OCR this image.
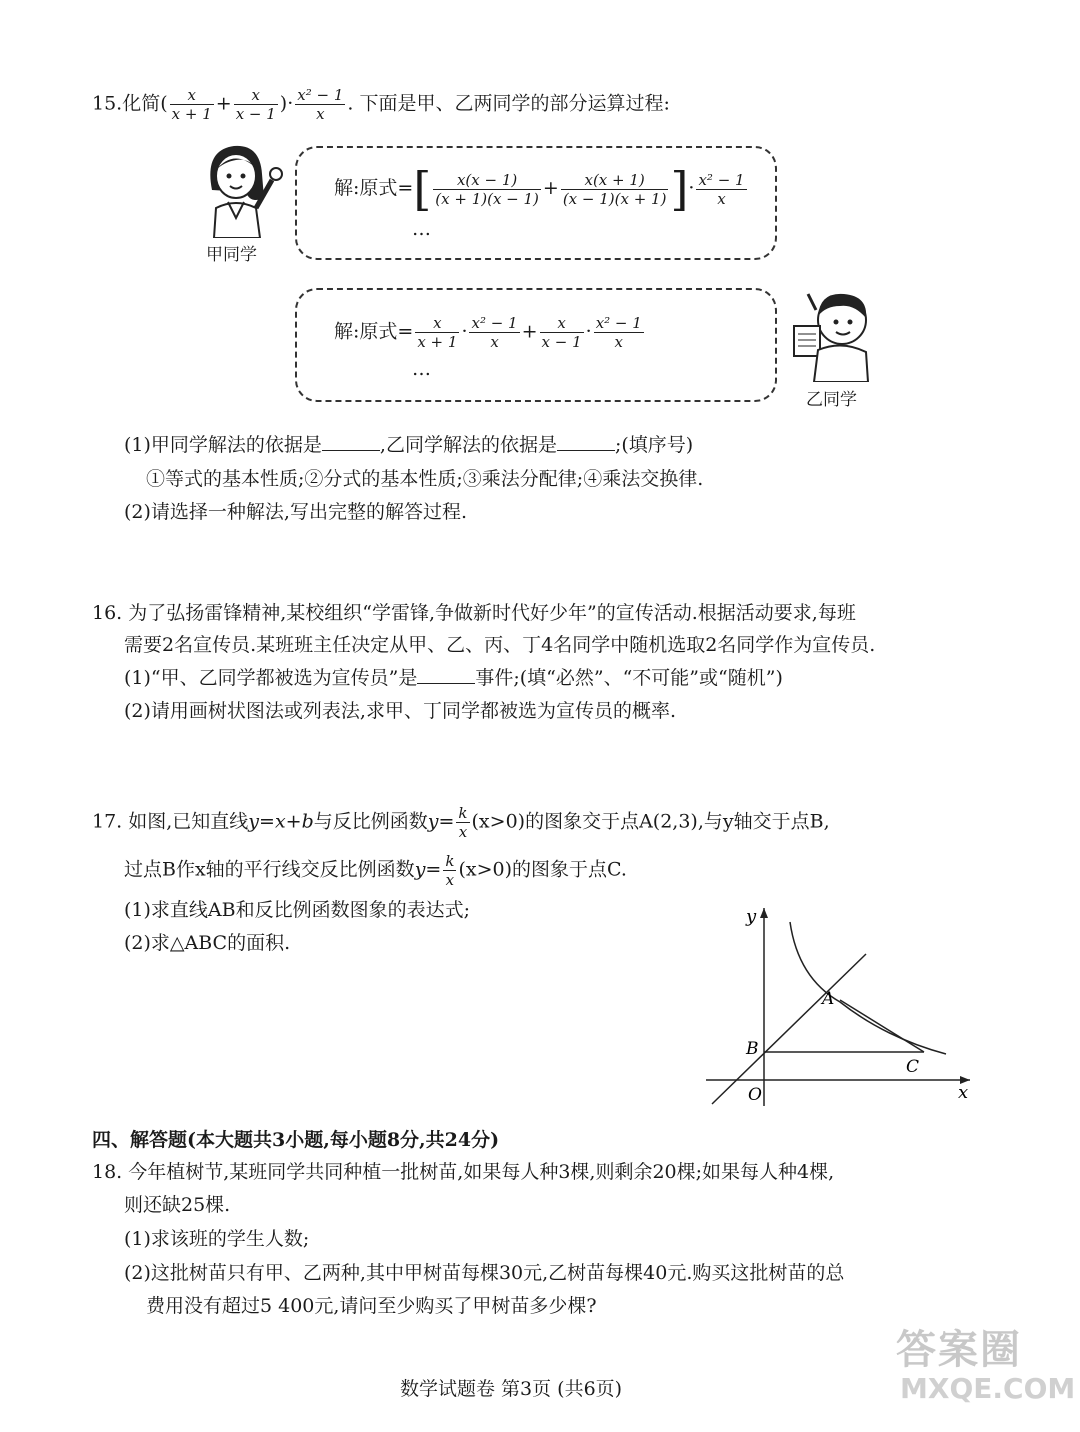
15.化简( $\frac{x}{x + 1} + \frac{x}{x - 1}$ )· $\frac{\text{x² − 1}}{x}$ . 下面是甲、乙两同学的部分运算过程:
甲同学
解:原式=[ $\frac{x(x - 1)}{(x + 1)(x - 1)} + \frac{x(x + 1)}{(x - 1)(x + 1)}$ ]· $\frac{\text{x² − 1}}{x}$
…
解:原式= $\frac{x}{x + 1} \cdot \frac{\text{x² − 1}}{x} + \frac{x}{x - 1} \cdot \frac{\text{x² − 1}}{x}$
…
乙同学
(1)甲同学解法的依据是	,乙同学解法的依据是	;(填序号)
①等式的基本性质;②分式的基本性质;③乘法分配律;④乘法交换律.
(2)请选择一种解法,写出完整的解答过程.
16. 为了弘扬雷锋精神,某校组织“学雷锋,争做新时代好少年”的宣传活动.根据活动要求,每班
需要2名宣传员.某班班主任决定从甲、乙、丙、丁4名同学中随机选取2名同学作为宣传员.
(1)“甲、乙同学都被选为宣传员”是	事件;(填“必然”、“不可能”或“随机”)
(2)请用画树状图法或列表法,求甲、丁同学都被选为宣传员的概率.
17. 如图,已知直线y=x+b与反比例函数$y= \frac{k}{x} (x>0)$的图象交于点A(2,3),与y轴交于点B,
过点B作x轴的平行线交反比例函数$y= \frac{k}{x} (x>0)$的图象于点C.
(1)求直线AB和反比例函数图象的表达式;
(2)求△ABC的面积.
y
x
O
A
B
C
四、解答题(本大题共3小题,每小题8分,共24分)
18. 今年植树节,某班同学共同种植一批树苗,如果每人种3棵,则剩余20棵;如果每人种4棵,
则还缺25棵.
(1)求该班的学生人数;
(2)这批树苗只有甲、乙两种,其中甲树苗每棵30元,乙树苗每棵40元.购买这批树苗的总
费用没有超过5 400元,请问至少购买了甲树苗多少棵?
数学试题卷 第3页 (共6页)
答案圈
MXQE.COM
